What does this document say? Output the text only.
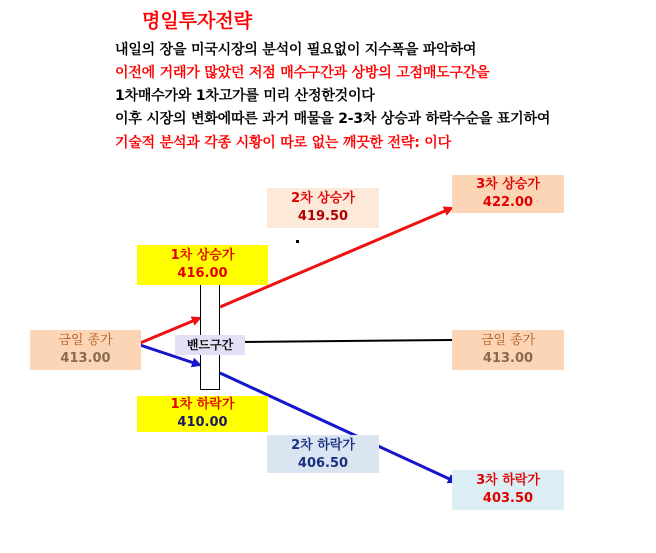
명일투자전략
내일의 장을 미국시장의 분석이 필요없이 지수폭을 파악하여
이전에 거래가 많았던 저점 매수구간과 상방의 고점매도구간을
1차매수가와 1차고가를 미리 산정한것이다
이후 시장의 변화에따른 과거 매물을 2-3차 상승과 하락수순을 표기하여
기술적 분석과 각종 시황이 따로 없는 깨끗한 전략: 이다
밴드구간
금일 종가
413.00
1차 상승가
416.00
1차 하락가
410.00
2차 상승가
419.50
2차 하락가
406.50
3차 상승가
422.00
금일 종가
413.00
3차 하락가
403.50
